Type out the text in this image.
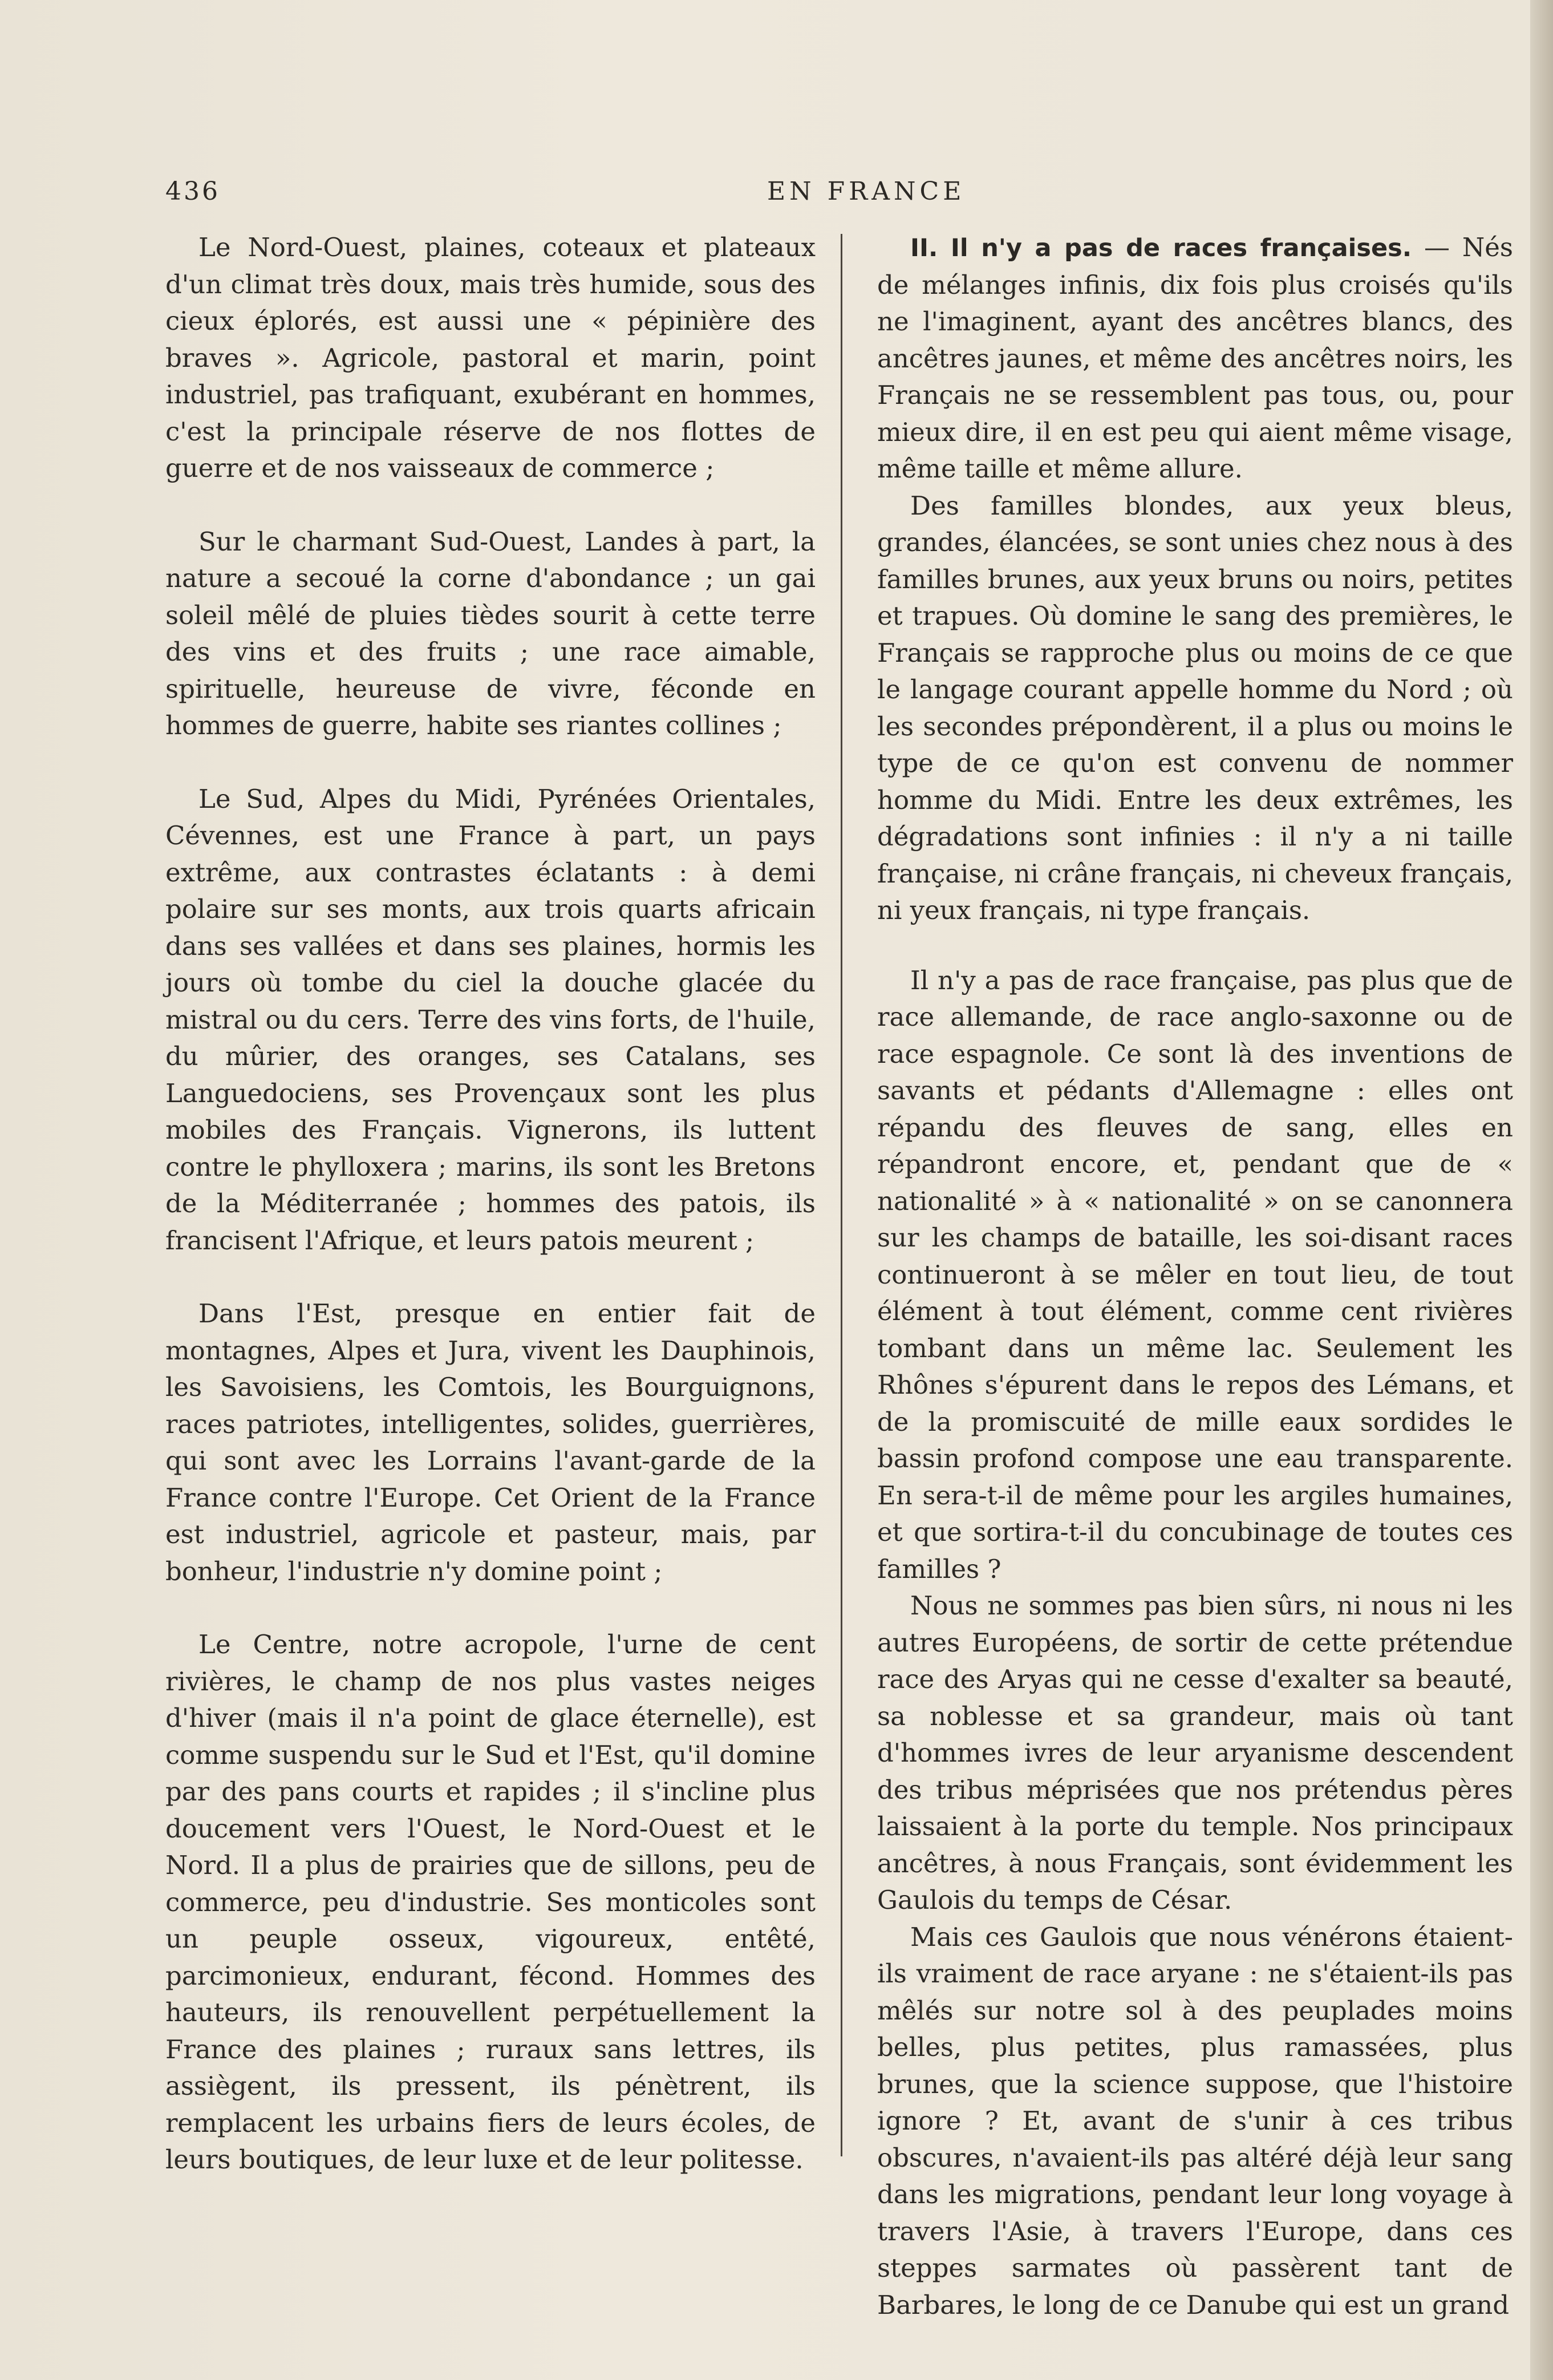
436	EN FRANCE

Le Nord-Ouest, plaines, coteaux et plateaux d'un climat très doux, mais très humide, sous des cieux éplorés, est aussi une « pépinière des braves ». Agricole, pastoral et marin, point industriel, pas trafiquant, exubérant en hommes, c'est la principale réserve de nos flottes de guerre et de nos vaisseaux de commerce ;

Sur le charmant Sud-Ouest, Landes à part, la nature a secoué la corne d'abondance ; un gai soleil mêlé de pluies tièdes sourit à cette terre des vins et des fruits ; une race aimable, spirituelle, heureuse de vivre, féconde en hommes de guerre, habite ses riantes collines ;

Le Sud, Alpes du Midi, Pyrénées Orientales, Cévennes, est une France à part, un pays extrême, aux contrastes éclatants : à demi polaire sur ses monts, aux trois quarts africain dans ses vallées et dans ses plaines, hormis les jours où tombe du ciel la douche glacée du mistral ou du cers. Terre des vins forts, de l'huile, du mûrier, des oranges, ses Catalans, ses Languedociens, ses Provençaux sont les plus mobiles des Français. Vignerons, ils luttent contre le phylloxera ; marins, ils sont les Bretons de la Méditerranée ; hommes des patois, ils francisent l'Afrique, et leurs patois meurent ;

Dans l'Est, presque en entier fait de montagnes, Alpes et Jura, vivent les Dauphinois, les Savoisiens, les Comtois, les Bourguignons, races patriotes, intelligentes, solides, guerrières, qui sont avec les Lorrains l'avant-garde de la France contre l'Europe. Cet Orient de la France est industriel, agricole et pasteur, mais, par bonheur, l'industrie n'y domine point ;

Le Centre, notre acropole, l'urne de cent rivières, le champ de nos plus vastes neiges d'hiver (mais il n'a point de glace éternelle), est comme suspendu sur le Sud et l'Est, qu'il domine par des pans courts et rapides ; il s'incline plus doucement vers l'Ouest, le Nord-Ouest et le Nord. Il a plus de prairies que de sillons, peu de commerce, peu d'industrie. Ses monticoles sont un peuple osseux, vigoureux, entêté, parcimonieux, endurant, fécond. Hommes des hauteurs, ils renouvellent perpétuellement la France des plaines ; ruraux sans lettres, ils assiègent, ils pressent, ils pénètrent, ils remplacent les urbains fiers de leurs écoles, de leurs boutiques, de leur luxe et de leur politesse.

II. Il n'y a pas de races françaises. — Nés de mélanges infinis, dix fois plus croisés qu'ils ne l'imaginent, ayant des ancêtres blancs, des ancêtres jaunes, et même des ancêtres noirs, les Français ne se ressemblent pas tous, ou, pour mieux dire, il en est peu qui aient même visage, même taille et même allure.

Des familles blondes, aux yeux bleus, grandes, élancées, se sont unies chez nous à des familles brunes, aux yeux bruns ou noirs, petites et trapues. Où domine le sang des premières, le Français se rapproche plus ou moins de ce que le langage courant appelle homme du Nord ; où les secondes prépondèrent, il a plus ou moins le type de ce qu'on est convenu de nommer homme du Midi. Entre les deux extrêmes, les dégradations sont infinies : il n'y a ni taille française, ni crâne français, ni cheveux français, ni yeux français, ni type français.

Il n'y a pas de race française, pas plus que de race allemande, de race anglo-saxonne ou de race espagnole. Ce sont là des inventions de savants et pédants d'Allemagne : elles ont répandu des fleuves de sang, elles en répandront encore, et, pendant que de « nationalité » à « nationalité » on se canonnera sur les champs de bataille, les soi-disant races continueront à se mêler en tout lieu, de tout élément à tout élément, comme cent rivières tombant dans un même lac. Seulement les Rhônes s'épurent dans le repos des Lémans, et de la promiscuité de mille eaux sordides le bassin profond compose une eau transparente. En sera-t-il de même pour les argiles humaines, et que sortira-t-il du concubinage de toutes ces familles ?

Nous ne sommes pas bien sûrs, ni nous ni les autres Européens, de sortir de cette prétendue race des Aryas qui ne cesse d'exalter sa beauté, sa noblesse et sa grandeur, mais où tant d'hommes ivres de leur aryanisme descendent des tribus méprisées que nos prétendus pères laissaient à la porte du temple. Nos principaux ancêtres, à nous Français, sont évidemment les Gaulois du temps de César.

Mais ces Gaulois que nous vénérons étaient-ils vraiment de race aryane : ne s'étaient-ils pas mêlés sur notre sol à des peuplades moins belles, plus petites, plus ramassées, plus brunes, que la science suppose, que l'histoire ignore ? Et, avant de s'unir à ces tribus obscures, n'avaient-ils pas altéré déjà leur sang dans les migrations, pendant leur long voyage à travers l'Asie, à travers l'Europe, dans ces steppes sarmates où passèrent tant de Barbares, le long de ce Danube qui est un grand
